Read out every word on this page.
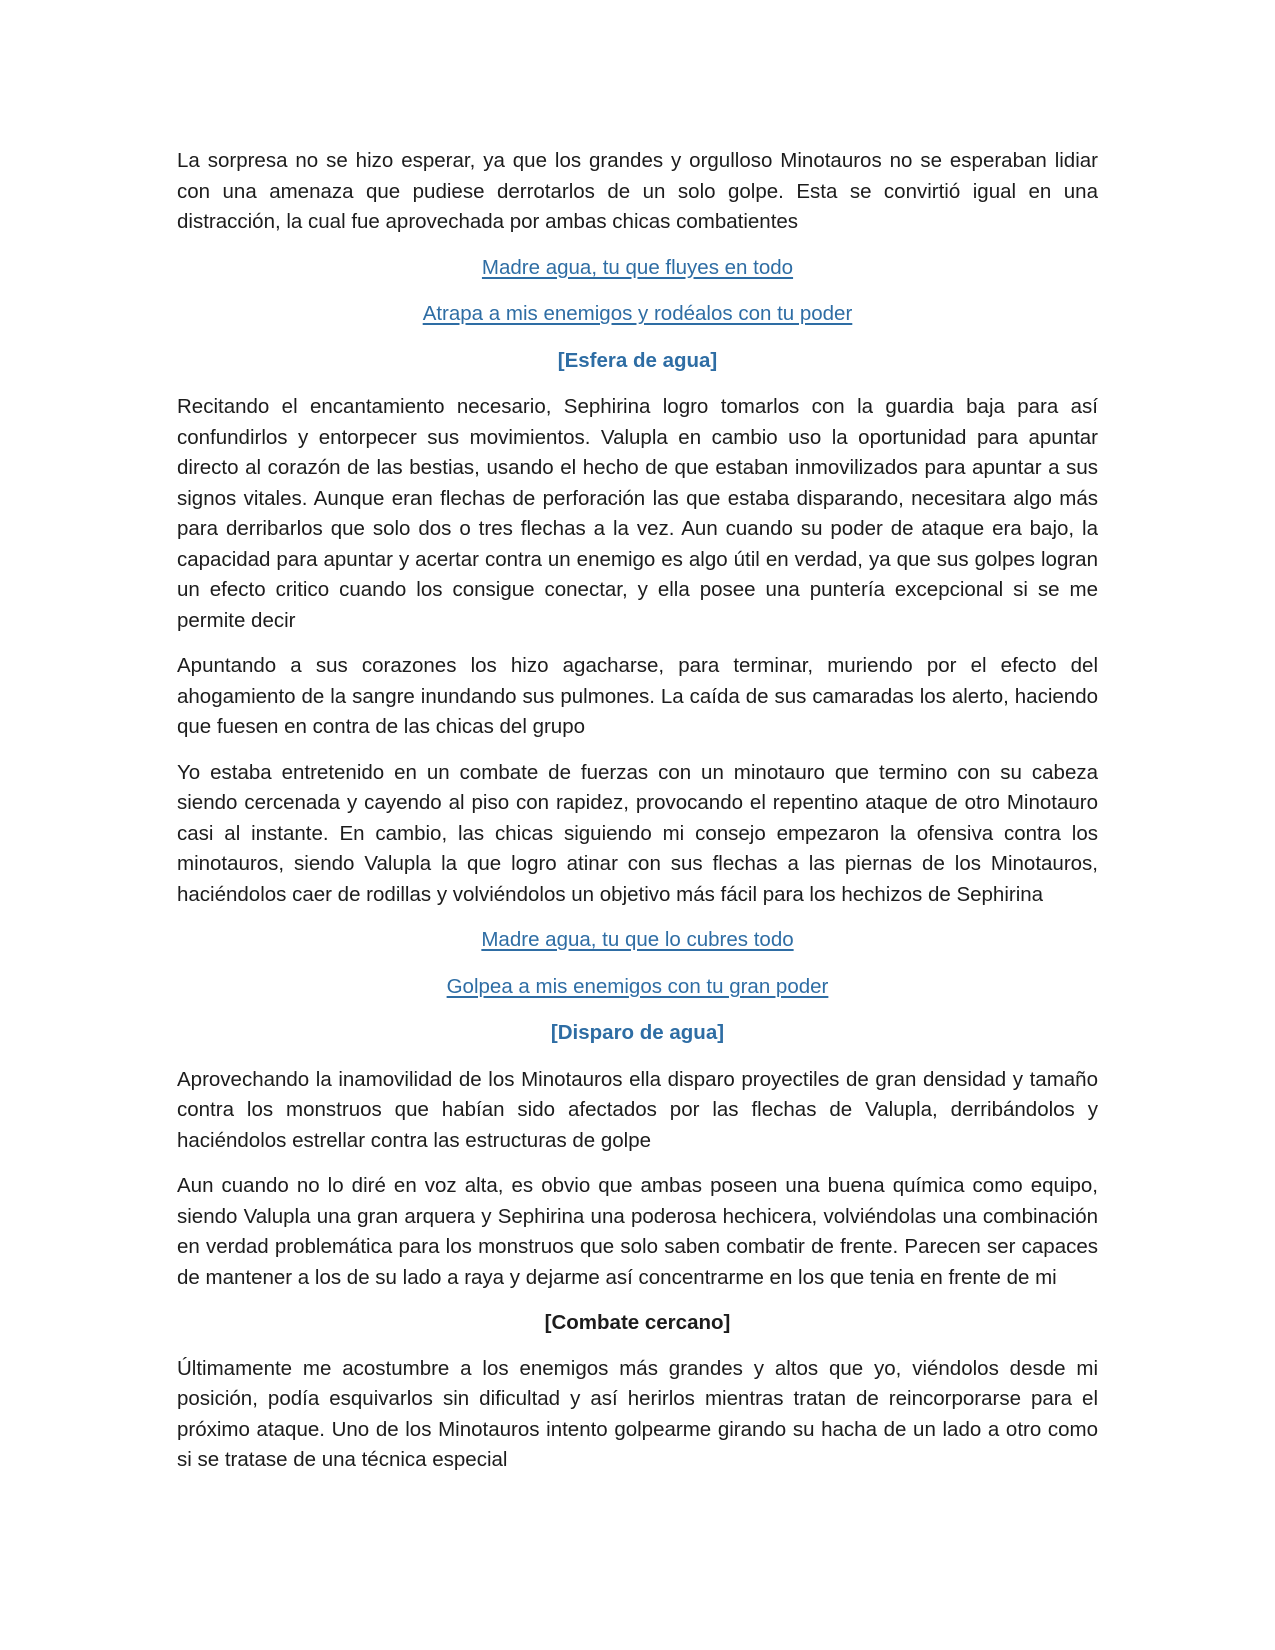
La sorpresa no se hizo esperar, ya que los grandes y orgulloso Minotauros no se esperaban lidiar con una amenaza que pudiese derrotarlos de un solo golpe. Esta se convirtió igual en una distracción, la cual fue aprovechada por ambas chicas combatientes

Madre agua, tu que fluyes en todo

Atrapa a mis enemigos y rodéalos con tu poder

[Esfera de agua]

Recitando el encantamiento necesario, Sephirina logro tomarlos con la guardia baja para así confundirlos y entorpecer sus movimientos. Valupla en cambio uso la oportunidad para apuntar directo al corazón de las bestias, usando el hecho de que estaban inmovilizados para apuntar a sus signos vitales. Aunque eran flechas de perforación las que estaba disparando, necesitara algo más para derribarlos que solo dos o tres flechas a la vez. Aun cuando su poder de ataque era bajo, la capacidad para apuntar y acertar contra un enemigo es algo útil en verdad, ya que sus golpes logran un efecto critico cuando los consigue conectar, y ella posee una puntería excepcional si se me permite decir

Apuntando a sus corazones los hizo agacharse, para terminar, muriendo por el efecto del ahogamiento de la sangre inundando sus pulmones. La caída de sus camaradas los alerto, haciendo que fuesen en contra de las chicas del grupo

Yo estaba entretenido en un combate de fuerzas con un minotauro que termino con su cabeza siendo cercenada y cayendo al piso con rapidez, provocando el repentino ataque de otro Minotauro casi al instante. En cambio, las chicas siguiendo mi consejo empezaron la ofensiva contra los minotauros, siendo Valupla la que logro atinar con sus flechas a las piernas de los Minotauros, haciéndolos caer de rodillas y volviéndolos un objetivo más fácil para los hechizos de Sephirina

Madre agua, tu que lo cubres todo

Golpea a mis enemigos con tu gran poder

[Disparo de agua]

Aprovechando la inamovilidad de los Minotauros ella disparo proyectiles de gran densidad y tamaño contra los monstruos que habían sido afectados por las flechas de Valupla, derribándolos y haciéndolos estrellar contra las estructuras de golpe

Aun cuando no lo diré en voz alta, es obvio que ambas poseen una buena química como equipo, siendo Valupla una gran arquera y Sephirina una poderosa hechicera, volviéndolas una combinación en verdad problemática para los monstruos que solo saben combatir de frente. Parecen ser capaces de mantener a los de su lado a raya y dejarme así concentrarme en los que tenia en frente de mi

[Combate cercano]

Últimamente me acostumbre a los enemigos más grandes y altos que yo, viéndolos desde mi posición, podía esquivarlos sin dificultad y así herirlos mientras tratan de reincorporarse para el próximo ataque. Uno de los Minotauros intento golpearme girando su hacha de un lado a otro como si se tratase de una técnica especial
